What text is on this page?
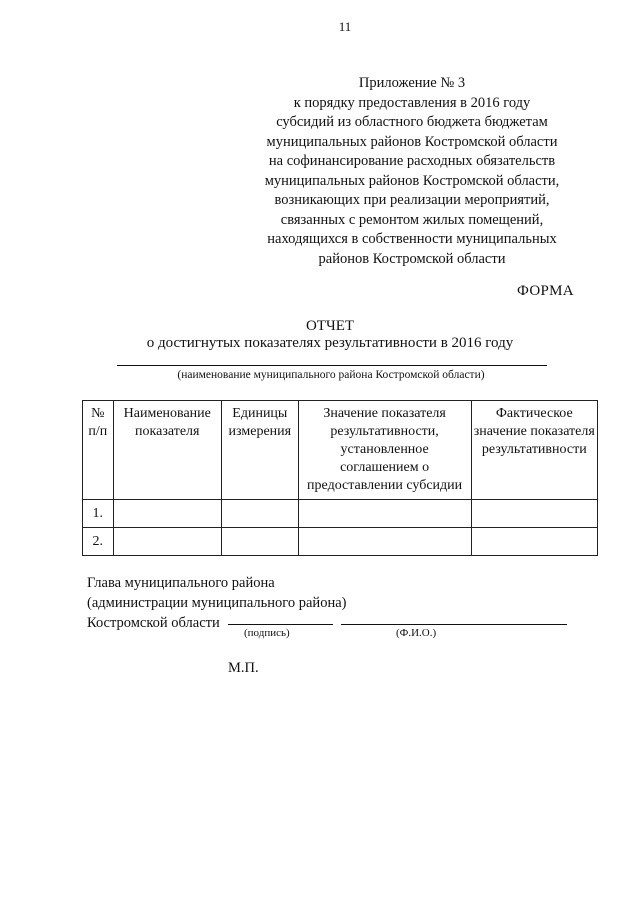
11
Приложение № 3
к порядку предоставления в 2016 году
субсидий из областного бюджета бюджетам
муниципальных районов Костромской области
на софинансирование расходных обязательств
муниципальных районов Костромской области,
возникающих при реализации мероприятий,
связанных с ремонтом жилых помещений,
находящихся в собственности муниципальных
районов Костромской области
ФОРМА
ОТЧЕТ
о достигнутых показателях результативности в 2016 году
(наименование муниципального района Костромской области)
№ п/п	Наименование показателя	Единицы измерения	Значение показателя результативности, установленное соглашением о предоставлении субсидии	Фактическое значение показателя результативности
1.				
2.				
Глава муниципального района
(администрации муниципального района)
Костромской области
(подпись)	(Ф.И.О.)
М.П.
